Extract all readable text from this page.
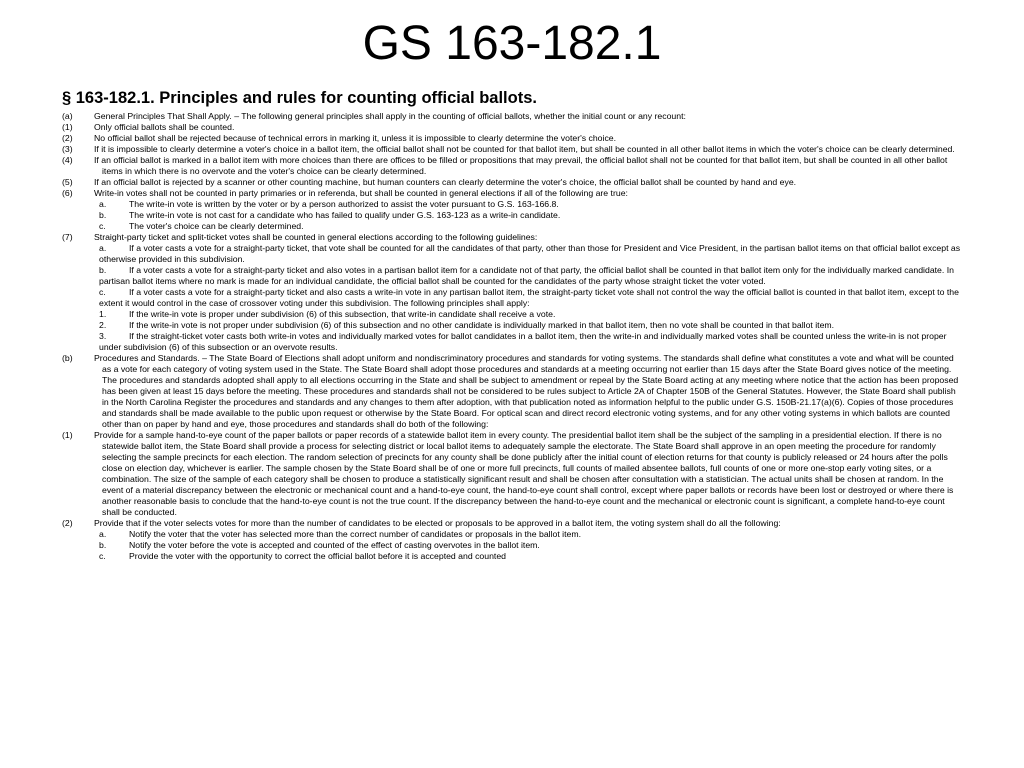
GS 163-182.1
§ 163-182.1. Principles and rules for counting official ballots.
(a)	General Principles That Shall Apply. – The following general principles shall apply in the counting of official ballots, whether the initial count or any recount:
(1)	Only official ballots shall be counted.
(2)	No official ballot shall be rejected because of technical errors in marking it, unless it is impossible to clearly determine the voter's choice.
(3)	If it is impossible to clearly determine a voter's choice in a ballot item, the official ballot shall not be counted for that ballot item, but shall be counted in all other ballot items in which the voter's choice can be clearly determined.
(4)	If an official ballot is marked in a ballot item with more choices than there are offices to be filled or propositions that may prevail, the official ballot shall not be counted for that ballot item, but shall be counted in all other ballot items in which there is no overvote and the voter's choice can be clearly determined.
(5)	If an official ballot is rejected by a scanner or other counting machine, but human counters can clearly determine the voter's choice, the official ballot shall be counted by hand and eye.
(6)	Write-in votes shall not be counted in party primaries or in referenda, but shall be counted in general elections if all of the following are true:
a.	The write-in vote is written by the voter or by a person authorized to assist the voter pursuant to G.S. 163-166.8.
b.	The write-in vote is not cast for a candidate who has failed to qualify under G.S. 163-123 as a write-in candidate.
c.	The voter's choice can be clearly determined.
(7)	Straight-party ticket and split-ticket votes shall be counted in general elections according to the following guidelines:
a.	If a voter casts a vote for a straight-party ticket, that vote shall be counted for all the candidates of that party, other than those for President and Vice President, in the partisan ballot items on that official ballot except as otherwise provided in this subdivision.
b.	If a voter casts a vote for a straight-party ticket and also votes in a partisan ballot item for a candidate not of that party, the official ballot shall be counted in that ballot item only for the individually marked candidate. In partisan ballot items where no mark is made for an individual candidate, the official ballot shall be counted for the candidates of the party whose straight ticket the voter voted.
c.	If a voter casts a vote for a straight-party ticket and also casts a write-in vote in any partisan ballot item, the straight-party ticket vote shall not control the way the official ballot is counted in that ballot item, except to the extent it would control in the case of crossover voting under this subdivision. The following principles shall apply:
1.	If the write-in vote is proper under subdivision (6) of this subsection, that write-in candidate shall receive a vote.
2.	If the write-in vote is not proper under subdivision (6) of this subsection and no other candidate is individually marked in that ballot item, then no vote shall be counted in that ballot item.
3.	If the straight-ticket voter casts both write-in votes and individually marked votes for ballot candidates in a ballot item, then the write-in and individually marked votes shall be counted unless the write-in is not proper under subdivision (6) of this subsection or an overvote results.
(b)	Procedures and Standards. – The State Board of Elections shall adopt uniform and nondiscriminatory procedures and standards for voting systems. The standards shall define what constitutes a vote and what will be counted as a vote for each category of voting system used in the State. The State Board shall adopt those procedures and standards at a meeting occurring not earlier than 15 days after the State Board gives notice of the meeting. The procedures and standards adopted shall apply to all elections occurring in the State and shall be subject to amendment or repeal by the State Board acting at any meeting where notice that the action has been proposed has been given at least 15 days before the meeting. These procedures and standards shall not be considered to be rules subject to Article 2A of Chapter 150B of the General Statutes. However, the State Board shall publish in the North Carolina Register the procedures and standards and any changes to them after adoption, with that publication noted as information helpful to the public under G.S. 150B-21.17(a)(6). Copies of those procedures and standards shall be made available to the public upon request or otherwise by the State Board. For optical scan and direct record electronic voting systems, and for any other voting systems in which ballots are counted other than on paper by hand and eye, those procedures and standards shall do both of the following:
(1)	Provide for a sample hand-to-eye count of the paper ballots or paper records of a statewide ballot item in every county. The presidential ballot item shall be the subject of the sampling in a presidential election. If there is no statewide ballot item, the State Board shall provide a process for selecting district or local ballot items to adequately sample the electorate. The State Board shall approve in an open meeting the procedure for randomly selecting the sample precincts for each election. The random selection of precincts for any county shall be done publicly after the initial count of election returns for that county is publicly released or 24 hours after the polls close on election day, whichever is earlier. The sample chosen by the State Board shall be of one or more full precincts, full counts of mailed absentee ballots, full counts of one or more one-stop early voting sites, or a combination. The size of the sample of each category shall be chosen to produce a statistically significant result and shall be chosen after consultation with a statistician. The actual units shall be chosen at random. In the event of a material discrepancy between the electronic or mechanical count and a hand-to-eye count, the hand-to-eye count shall control, except where paper ballots or records have been lost or destroyed or where there is another reasonable basis to conclude that the hand-to-eye count is not the true count. If the discrepancy between the hand-to-eye count and the mechanical or electronic count is significant, a complete hand-to-eye count shall be conducted.
(2)	Provide that if the voter selects votes for more than the number of candidates to be elected or proposals to be approved in a ballot item, the voting system shall do all the following:
a.	Notify the voter that the voter has selected more than the correct number of candidates or proposals in the ballot item.
b.	Notify the voter before the vote is accepted and counted of the effect of casting overvotes in the ballot item.
c.	Provide the voter with the opportunity to correct the official ballot before it is accepted and counted
